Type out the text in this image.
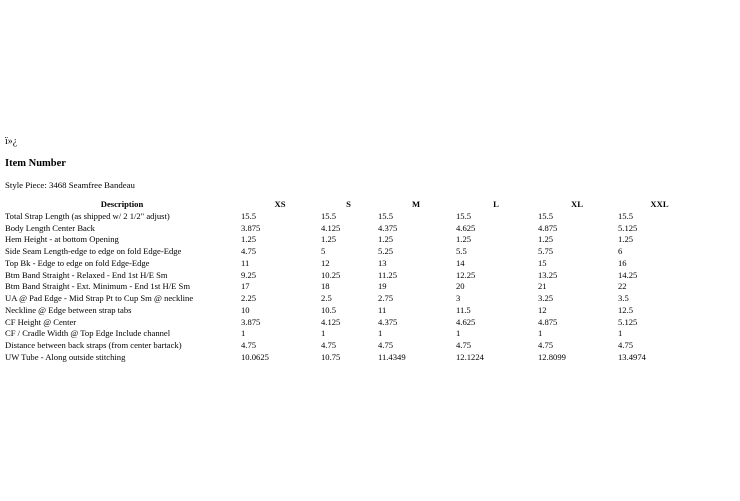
ï»¿
Item Number
Style Piece: 3468 Seamfree Bandeau
Description	XS	S	M	L	XL	XXL
Total Strap Length (as shipped w/ 2 1/2" adjust)	15.5	15.5	15.5	15.5	15.5	15.5
Body Length Center Back	3.875	4.125	4.375	4.625	4.875	5.125
Hem Height - at bottom Opening	1.25	1.25	1.25	1.25	1.25	1.25
Side Seam Length-edge to edge on fold Edge-Edge	4.75	5	5.25	5.5	5.75	6
Top Bk - Edge to edge on fold Edge-Edge	11	12	13	14	15	16
Btm Band Straight - Relaxed - End 1st H/E Sm	9.25	10.25	11.25	12.25	13.25	14.25
Btm Band Straight - Ext. Minimum - End 1st H/E Sm	17	18	19	20	21	22
UA @ Pad Edge - Mid Strap Pt to Cup Sm @ neckline	2.25	2.5	2.75	3	3.25	3.5
Neckline @ Edge between strap tabs	10	10.5	11	11.5	12	12.5
CF Height @ Center	3.875	4.125	4.375	4.625	4.875	5.125
CF / Cradle Width @ Top Edge Include channel	1	1	1	1	1	1
Distance between back straps (from center bartack)	4.75	4.75	4.75	4.75	4.75	4.75
UW Tube - Along outside stitching	10.0625	10.75	11.4349	12.1224	12.8099	13.4974
